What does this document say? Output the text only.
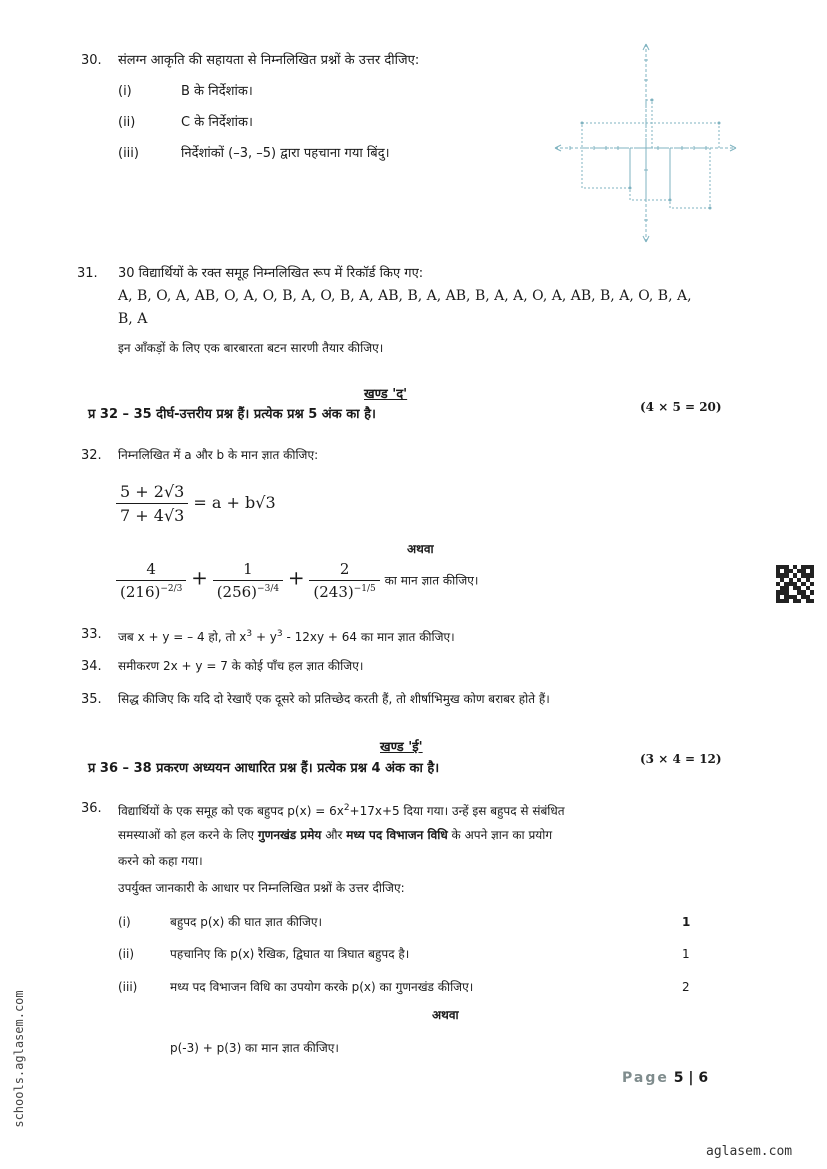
30. संलग्न आकृति की सहायता से निम्नलिखित प्रश्नों के उत्तर दीजिए:
(i)	B के निर्देशांक।
(ii)	C के निर्देशांक।
(iii)	निर्देशांकों (–3, –5) द्वारा पहचाना गया बिंदु।
31. 30 विद्यार्थियों के रक्त समूह निम्नलिखित रूप में रिकॉर्ड किए गए:
A, B, O, A, AB, O, A, O, B, A, O, B, A, AB, B, A, AB, B, A, A, O, A, AB, B, A, O, B, A,
B, A
इन आँकड़ों के लिए एक बारबारता बटन सारणी तैयार कीजिए।
खण्ड 'द'
प्र 32 – 35 दीर्घ-उत्तरीय प्रश्न हैं। प्रत्येक प्रश्न 5 अंक का है।	(4 × 5 = 20)
32. निम्नलिखित में a और b के मान ज्ञात कीजिए:
$\frac{5 + 2√3}{7 + 4√3} = a + b√3$
अथवा
$\frac{4}{(216)^{-2/3}} + \frac{1}{(256)^{-3/4}} + \frac{2}{(243)^{-1/5}}$ का मान ज्ञात कीजिए।
33. जब x + y = – 4 हो, तो $x^3 + y^3 - 12xy + 64$ का मान ज्ञात कीजिए।
34. समीकरण 2x + y = 7 के कोई पाँच हल ज्ञात कीजिए।
35. सिद्ध कीजिए कि यदि दो रेखाएँ एक दूसरे को प्रतिच्छेद करती हैं, तो शीर्षाभिमुख कोण बराबर होते हैं।
खण्ड 'ई'
प्र 36 – 38 प्रकरण अध्ययन आधारित प्रश्न हैं। प्रत्येक प्रश्न 4 अंक का है।
(3 × 4 = 12)
36. विद्यार्थियों के एक समूह को एक बहुपद $p(x) = 6x^2+17x+5$ दिया गया। उन्हें इस बहुपद से संबंधित
समस्याओं को हल करने के लिए गुणनखंड प्रमेय और मध्य पद विभाजन विधि के अपने ज्ञान का प्रयोग
करने को कहा गया।
उपर्युक्त जानकारी के आधार पर निम्नलिखित प्रश्नों के उत्तर दीजिए:
(i)	बहुपद p(x) की घात ज्ञात कीजिए।	1
(ii)	पहचानिए कि p(x) रैखिक, द्विघात या त्रिघात बहुपद है।	1
(iii)	मध्य पद विभाजन विधि का उपयोग करके p(x) का गुणनखंड कीजिए।	2
अथवा
p(-3) + p(3) का मान ज्ञात कीजिए।
Page 5 | 6
aglasem.com
schools.aglasem.com
